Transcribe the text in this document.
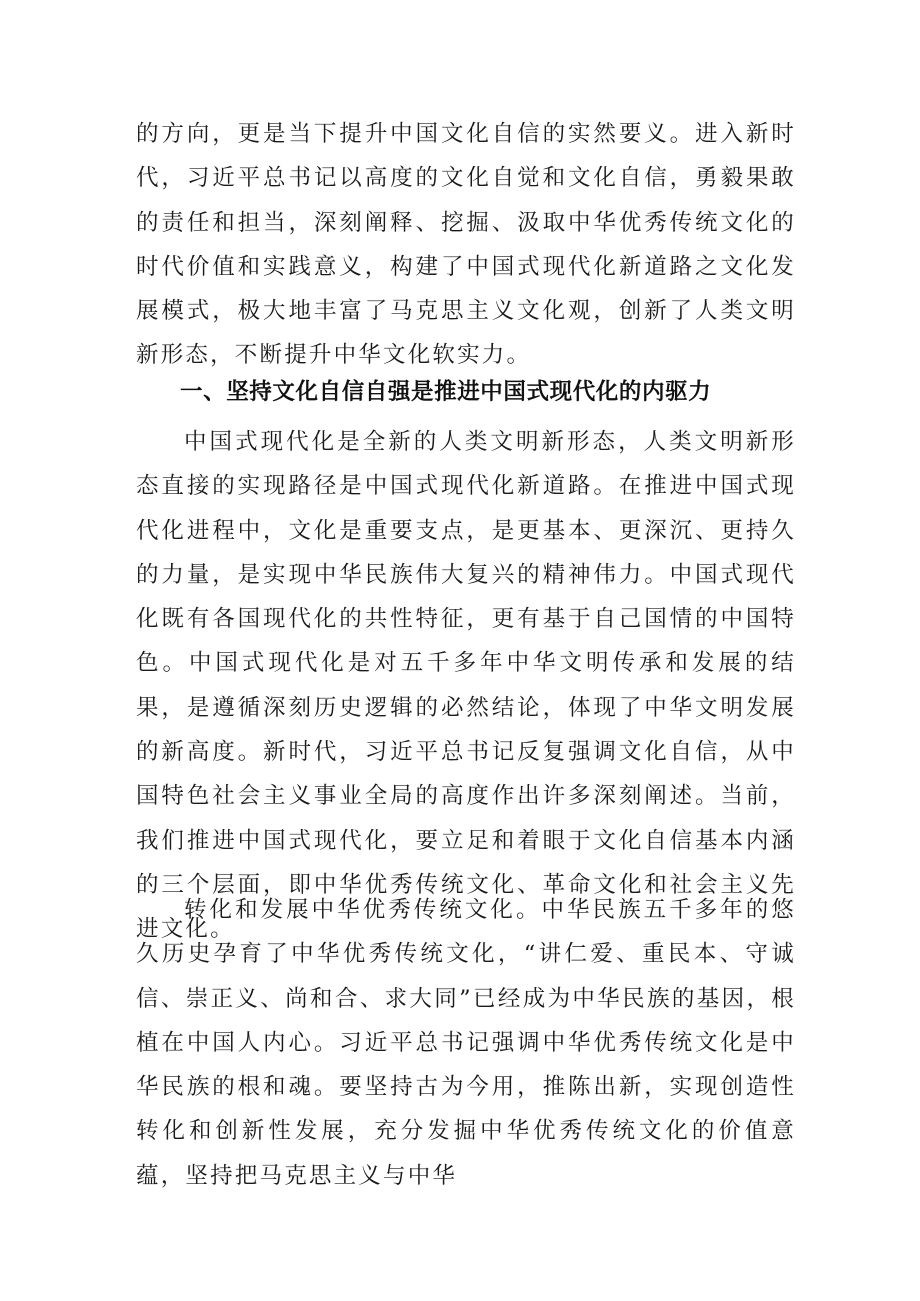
的方向，更是当下提升中国文化自信的实然要义。进入新时代，习近平总书记以高度的文化自觉和文化自信，勇毅果敢的责任和担当，深刻阐释、挖掘、汲取中华优秀传统文化的时代价值和实践意义，构建了中国式现代化新道路之文化发展模式，极大地丰富了马克思主义文化观，创新了人类文明新形态，不断提升中华文化软实力。

一、坚持文化自信自强是推进中国式现代化的内驱力

中国式现代化是全新的人类文明新形态，人类文明新形态直接的实现路径是中国式现代化新道路。在推进中国式现代化进程中，文化是重要支点，是更基本、更深沉、更持久的力量，是实现中华民族伟大复兴的精神伟力。中国式现代化既有各国现代化的共性特征，更有基于自己国情的中国特色。中国式现代化是对五千多年中华文明传承和发展的结果，是遵循深刻历史逻辑的必然结论，体现了中华文明发展的新高度。新时代，习近平总书记反复强调文化自信，从中国特色社会主义事业全局的高度作出许多深刻阐述。当前，我们推进中国式现代化，要立足和着眼于文化自信基本内涵的三个层面，即中华优秀传统文化、革命文化和社会主义先进文化。

转化和发展中华优秀传统文化。中华民族五千多年的悠久历史孕育了中华优秀传统文化，“讲仁爱、重民本、守诚信、崇正义、尚和合、求大同”已经成为中华民族的基因，根植在中国人内心。习近平总书记强调中华优秀传统文化是中华民族的根和魂。要坚持古为今用，推陈出新，实现创造性转化和创新性发展，充分发掘中华优秀传统文化的价值意蕴，坚持把马克思主义与中华
